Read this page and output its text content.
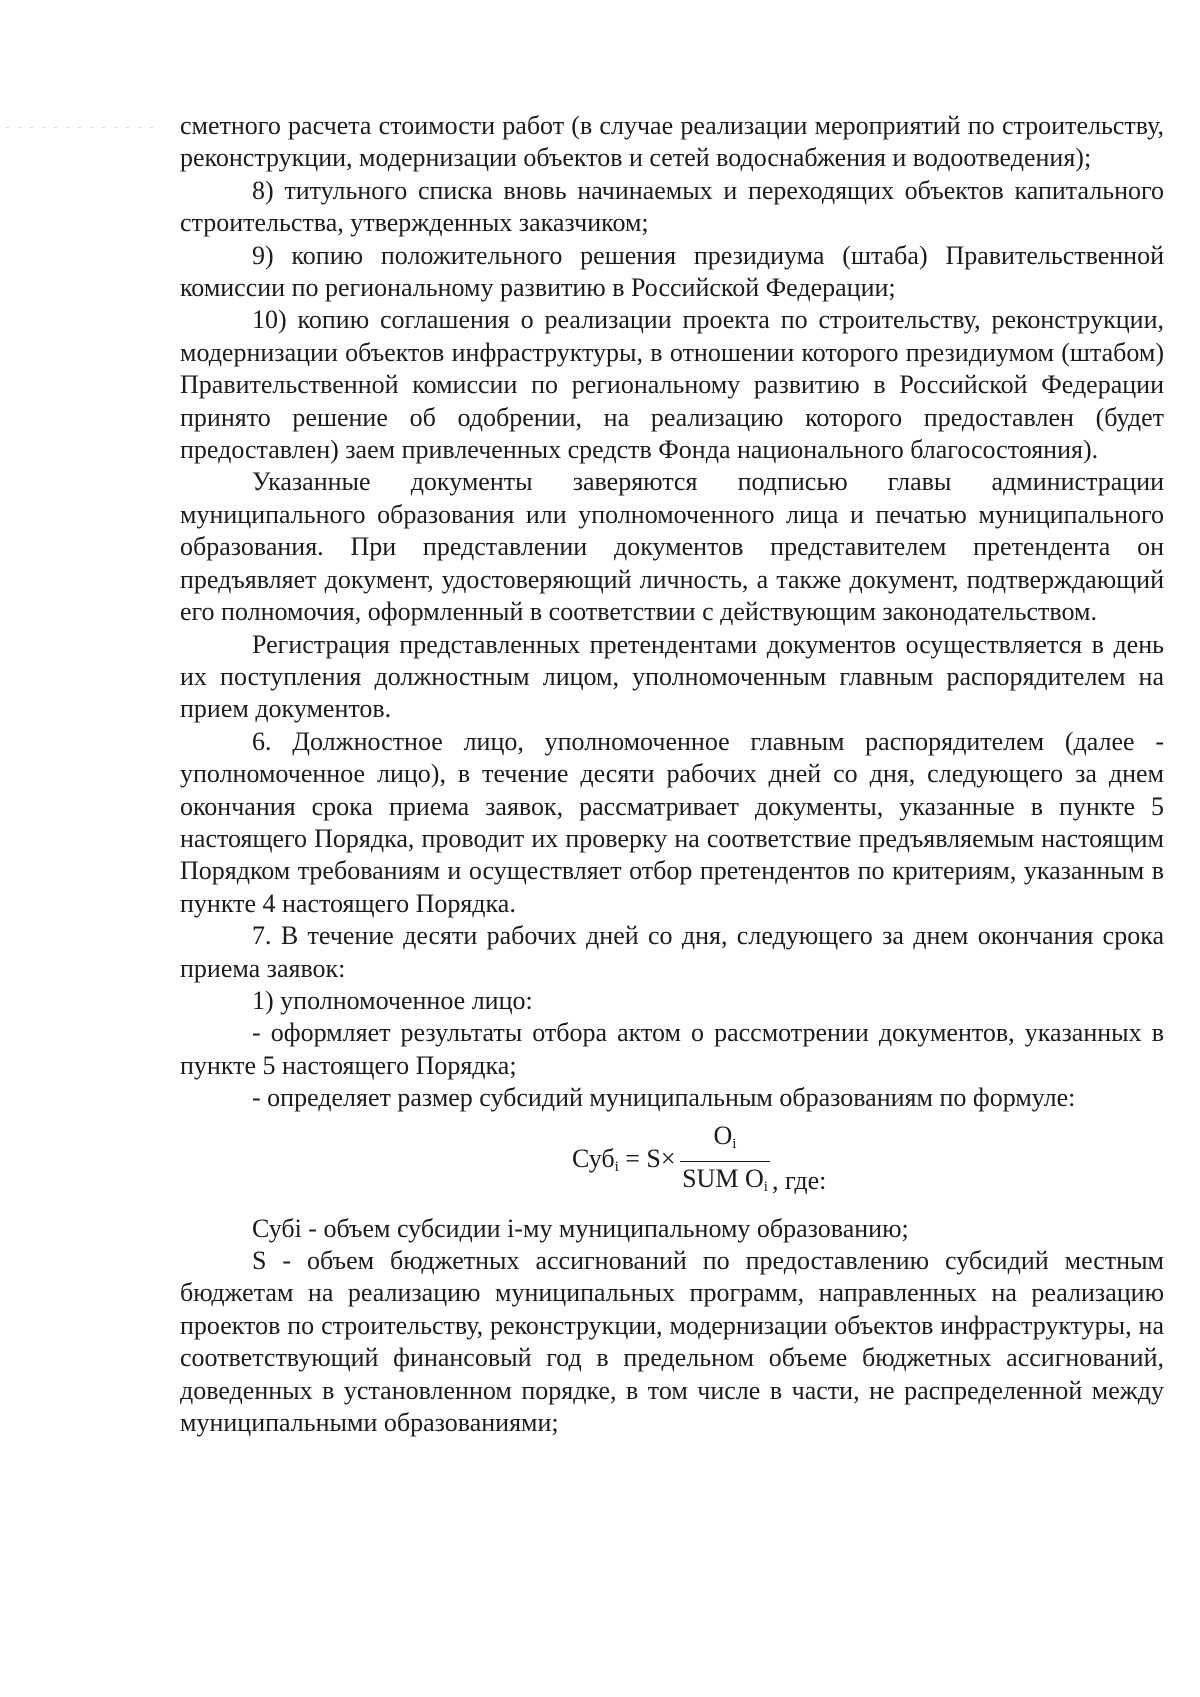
сметного расчета стоимости работ (в случае реализации мероприятий по строительству, реконструкции, модернизации объектов и сетей водоснабжения и водоотведения);

8) титульного списка вновь начинаемых и переходящих объектов капитального строительства, утвержденных заказчиком;

9) копию положительного решения президиума (штаба) Правительственной комиссии по региональному развитию в Российской Федерации;

10) копию соглашения о реализации проекта по строительству, реконструкции, модернизации объектов инфраструктуры, в отношении которого президиумом (штабом) Правительственной комиссии по региональному развитию в Российской Федерации принято решение об одобрении, на реализацию которого предоставлен (будет предоставлен) заем привлеченных средств Фонда национального благосостояния).

Указанные документы заверяются подписью главы администрации муниципального образования или уполномоченного лица и печатью муниципального образования. При представлении документов представителем претендента он предъявляет документ, удостоверяющий личность, а также документ, подтверждающий его полномочия, оформленный в соответствии с действующим законодательством.

Регистрация представленных претендентами документов осуществляется в день их поступления должностным лицом, уполномоченным главным распорядителем на прием документов.

6. Должностное лицо, уполномоченное главным распорядителем (далее - уполномоченное лицо), в течение десяти рабочих дней со дня, следующего за днем окончания срока приема заявок, рассматривает документы, указанные в пункте 5 настоящего Порядка, проводит их проверку на соответствие предъявляемым настоящим Порядком требованиям и осуществляет отбор претендентов по критериям, указанным в пункте 4 настоящего Порядка.

7. В течение десяти рабочих дней со дня, следующего за днем окончания срока приема заявок:

1) уполномоченное лицо:

- оформляет результаты отбора актом о рассмотрении документов, указанных в пункте 5 настоящего Порядка;

- определяет размер субсидий муниципальным образованиям по формуле:

Суб$_i$ = S×
$O_i$
SUM $O_i$ , где:

Субi - объем субсидии i-му муниципальному образованию;

S - объем бюджетных ассигнований по предоставлению субсидий местным бюджетам на реализацию муниципальных программ, направленных на реализацию проектов по строительству, реконструкции, модернизации объектов инфраструктуры, на соответствующий финансовый год в предельном объеме бюджетных ассигнований, доведенных в установленном порядке, в том числе в части, не распределенной между муниципальными образованиями;
